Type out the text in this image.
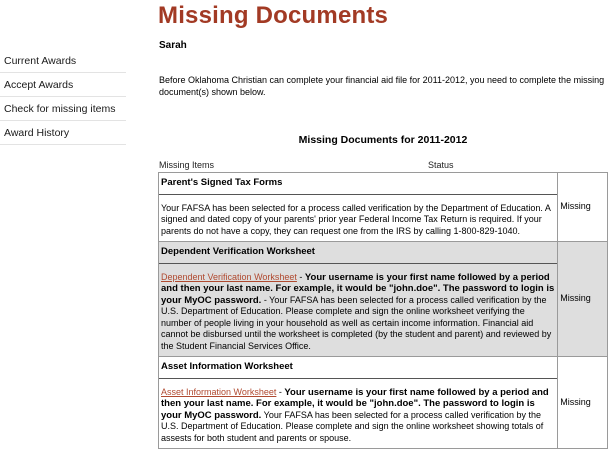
Current Awards
Accept Awards
Check for missing items
Award History
Missing Documents
Sarah
Before Oklahoma Christian can complete your financial aid file for 2011-2012, you need to complete the missing document(s) shown below.
Missing Documents for 2011-2012
Missing Items	Status
Parent's Signed Tax Forms
Your FAFSA has been selected for a process called verification by the Department of Education. A signed and dated copy of your parents' prior year Federal Income Tax Return is required. If your parents do not have a copy, they can request one from the IRS by calling 1-800-829-1040.	Missing

Dependent Verification Worksheet
Dependent Verification Worksheet - Your username is your first name followed by a period and then your last name. For example, it would be "john.doe". The password to login is your MyOC password. - Your FAFSA has been selected for a process called verification by the U.S. Department of Education. Please complete and sign the online worksheet verifying the number of people living in your household as well as certain income information. Financial aid cannot be disbursed until the worksheet is completed (by the student and parent) and reviewed by the Student Financial Services Office.	Missing

Asset Information Worksheet
Asset Information Worksheet - Your username is your first name followed by a period and then your last name. For example, it would be "john.doe". The password to login is your MyOC password. Your FAFSA has been selected for a process called verification by the U.S. Department of Education. Please complete and sign the online worksheet showing totals of assests for both student and parents or spouse.	Missing
